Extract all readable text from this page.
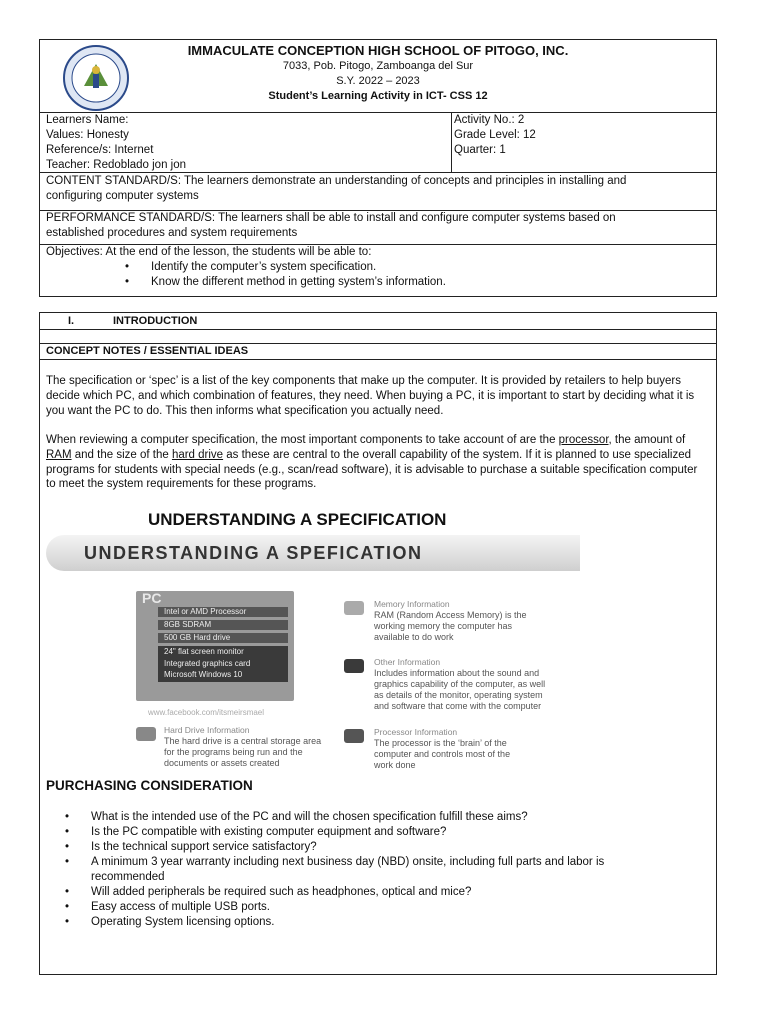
IMMACULATE CONCEPTION HIGH SCHOOL OF PITOGO, INC.
7033, Pob. Pitogo, Zamboanga del Sur
S.Y. 2022 – 2023
Student’s Learning Activity in ICT- CSS 12
Learners Name:
Values: Honesty
Reference/s: Internet
Teacher: Redoblado jon jon
Activity No.: 2
Grade Level: 12
Quarter: 1
CONTENT STANDARD/S: The learners demonstrate an understanding of concepts and principles in installing and
configuring computer systems
PERFORMANCE STANDARD/S: The learners shall be able to install and configure computer systems based on
established procedures and system requirements
Objectives: At the end of the lesson, the students will be able to:
• Identify the computer’s system specification.
• Know the different method in getting system’s information.
I.	INTRODUCTION
CONCEPT NOTES / ESSENTIAL IDEAS
The specification or ‘spec’ is a list of the key components that make up the computer. It is provided by retailers to help buyers decide which PC, and which combination of features, they need. When buying a PC, it is important to start by deciding what it is you want the PC to do. This then informs what specification you actually need.
When reviewing a computer specification, the most important components to take account of are the processor, the amount of RAM and the size of the hard drive as these are central to the overall capability of the system. If it is planned to use specialized programs for students with special needs (e.g., scan/read software), it is advisable to purchase a suitable specification computer to meet the system requirements for these programs.
UNDERSTANDING A SPECIFICATION
UNDERSTANDING A SPEFICATION
PC
Intel or AMD Processor
8GB SDRAM
500 GB Hard drive
24" flat screen monitor
Integrated graphics card
Microsoft Windows 10
www.facebook.com/itsmeirsmael
Memory Information
RAM (Random Access Memory) is the working memory the computer has available to do work
Other Information
Includes information about the sound and graphics capability of the computer, as well as details of the monitor, operating system and software that come with the computer
Hard Drive Information
The hard drive is a central storage area for the programs being run and the documents or assets created
Processor Information
The processor is the ‘brain’ of the computer and controls most of the work done
PURCHASING CONSIDERATION
• What is the intended use of the PC and will the chosen specification fulfill these aims?
• Is the PC compatible with existing computer equipment and software?
• Is the technical support service satisfactory?
• A minimum 3 year warranty including next business day (NBD) onsite, including full parts and labor is recommended
• Will added peripherals be required such as headphones, optical and mice?
• Easy access of multiple USB ports.
• Operating System licensing options.
